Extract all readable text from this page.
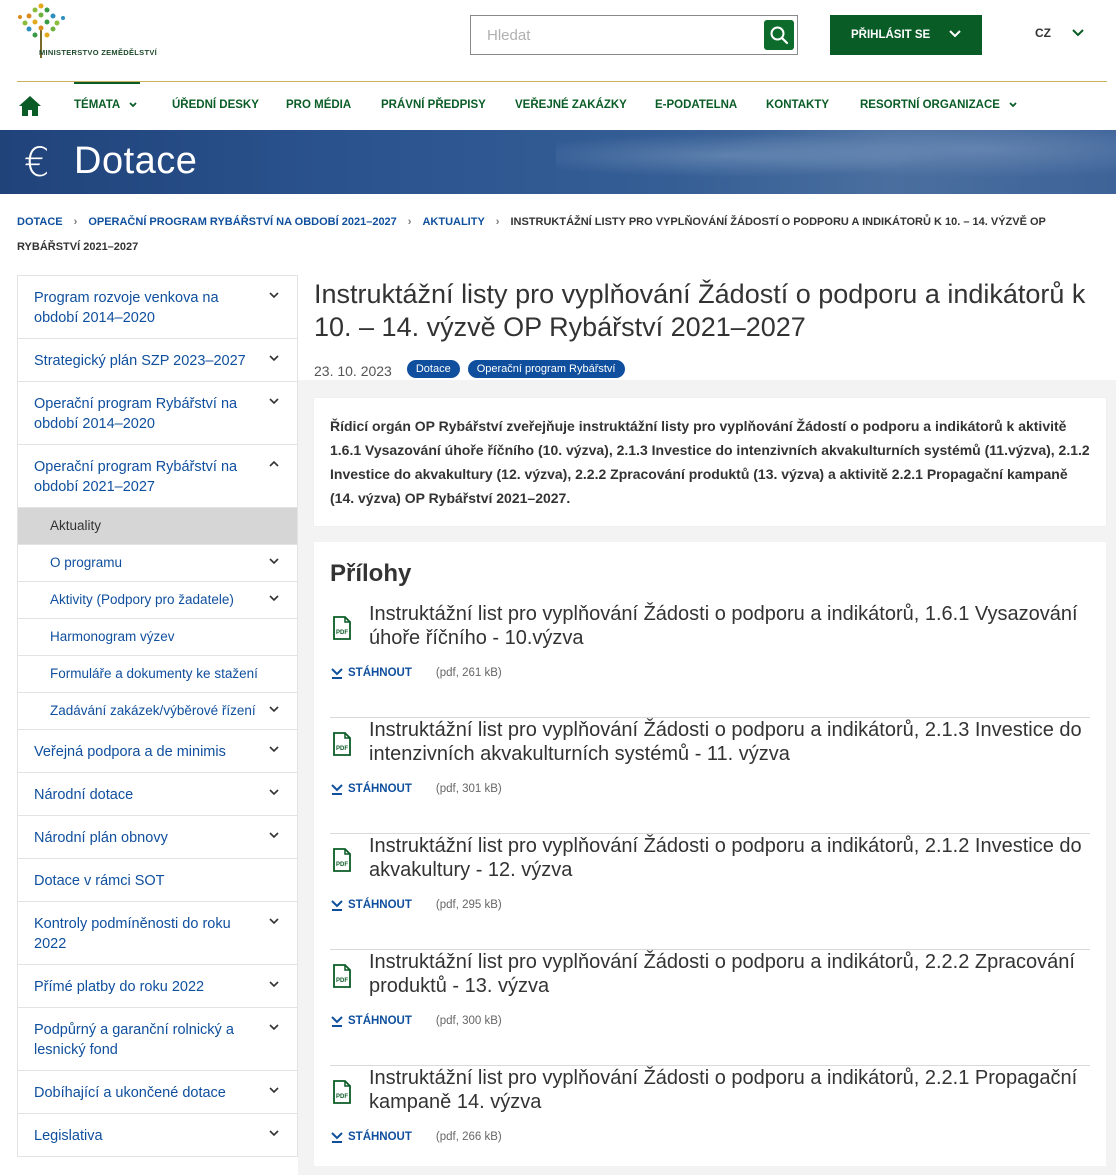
MINISTERSTVO ZEMĚDĚLSTVÍ
Hledat
PŘIHLÁSIT SE	CZ
TÉMATA	ÚŘEDNÍ DESKY PRO MÉDIA	PRÁVNÍ PŘEDPISY	VEŘEJNÉ ZAKÁZKY E-PODATELNA	KONTAKTY	RESORTNÍ ORGANIZACE
€ Dotace
DOTACE › OPERAČNÍ PROGRAM RYBÁŘSTVÍ NA OBDOBÍ 2021–2027 › AKTUALITY › INSTRUKTÁŽNÍ LISTY PRO VYPLŇOVÁNÍ ŽÁDOSTÍ O PODPORU A INDIKÁTORŮ K 10. – 14. VÝZVĚ OP RYBÁŘSTVÍ 2021–2027
Program rozvoje venkova na období 2014–2020
Strategický plán SZP 2023–2027
Operační program Rybářství na období 2014–2020
Operační program Rybářství na období 2021–2027
Aktuality
O programu
Aktivity (Podpory pro žadatele)
Harmonogram výzev
Formuláře a dokumenty ke stažení
Zadávání zakázek/výběrové řízení
Veřejná podpora a de minimis
Národní dotace
Národní plán obnovy
Dotace v rámci SOT
Kontroly podmíněnosti do roku 2022
Přímé platby do roku 2022
Podpůrný a garanční rolnický a lesnický fond
Dobíhající a ukončené dotace
Legislativa
Instruktážní listy pro vyplňování Žádostí o podporu a indikátorů k 10. – 14. výzvě OP Rybářství 2021–2027
23. 10. 2023	Dotace	Operační program Rybářství
Řídicí orgán OP Rybářství zveřejňuje instruktážní listy pro vyplňování Žádostí o podporu a indikátorů k aktivitě 1.6.1 Vysazování úhoře říčního (10. výzva), 2.1.3 Investice do intenzivních akvakulturních systémů (11.výzva), 2.1.2 Investice do akvakultury (12. výzva), 2.2.2 Zpracování produktů (13. výzva) a aktivitě 2.2.1 Propagační kampaně (14. výzva) OP Rybářství 2021–2027.
Přílohy
PDF
Instruktážní list pro vyplňování Žádosti o podporu a indikátorů, 1.6.1 Vysazování úhoře říčního - 10.výzva
STÁHNOUT (pdf, 261 kB)
PDF
Instruktážní list pro vyplňování Žádosti o podporu a indikátorů, 2.1.3 Investice do intenzivních akvakulturních systémů - 11. výzva
STÁHNOUT (pdf, 301 kB)
PDF
Instruktážní list pro vyplňování Žádosti o podporu a indikátorů, 2.1.2 Investice do akvakultury - 12. výzva
STÁHNOUT (pdf, 295 kB)
PDF
Instruktážní list pro vyplňování Žádosti o podporu a indikátorů, 2.2.2 Zpracování produktů - 13. výzva
STÁHNOUT (pdf, 300 kB)
PDF
Instruktážní list pro vyplňování Žádosti o podporu a indikátorů, 2.2.1 Propagační kampaně 14. výzva
STÁHNOUT (pdf, 266 kB)
